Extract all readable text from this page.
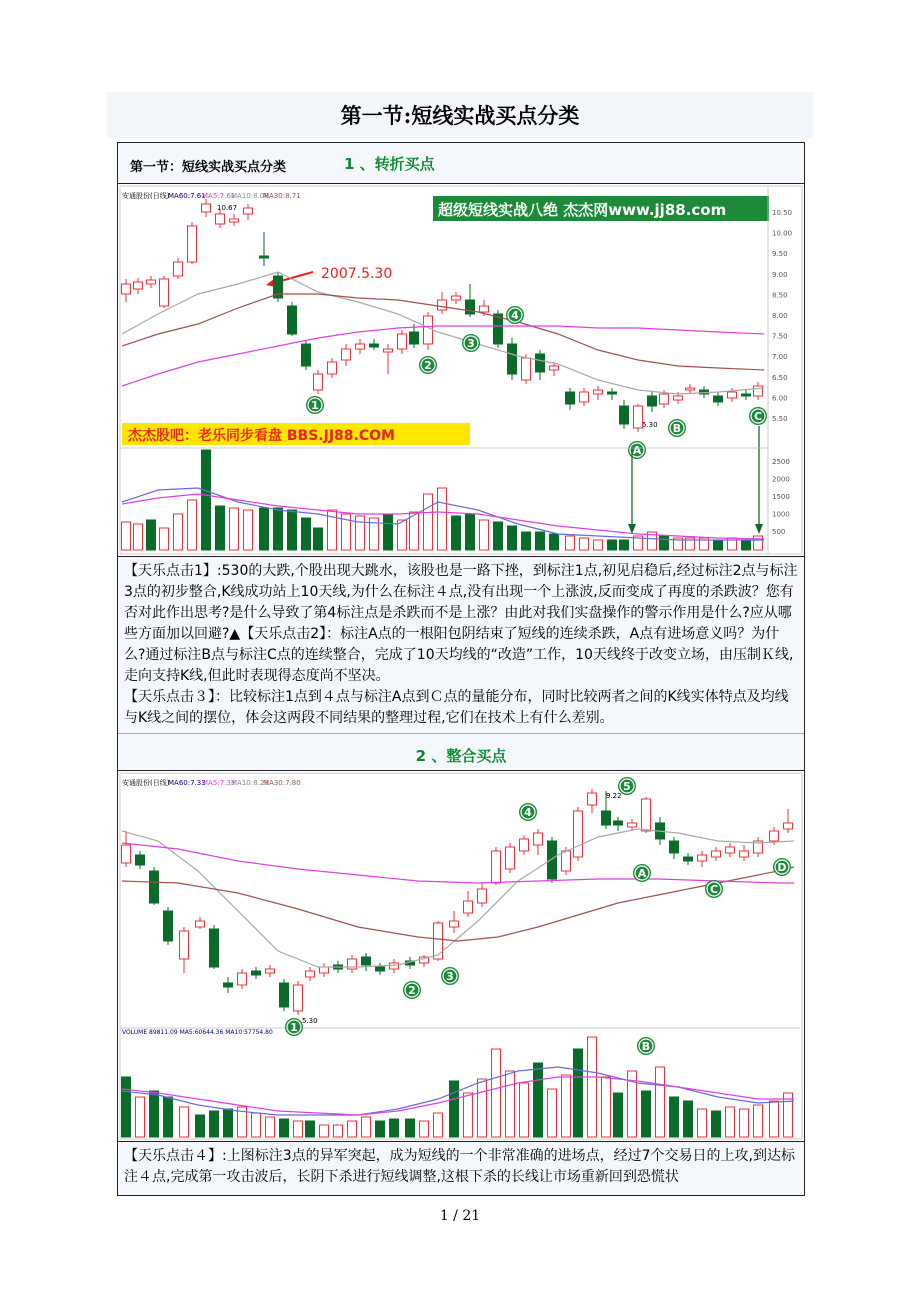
第一节:短线实战买点分类
第一节：短线实战买点分类	1 、转折买点
安通股份(日线)
MA60:7.61
MA5:7.61
MA10:8.08
MA30:8.71
超级短线实战八绝 杰杰网www.jj88.com
2007.5.30
10.67
5.30
杰杰股吧：老乐同步看盘 BBS.JJ88.COM
10.50
10.00
9.50
9.00
8.50
8.00
7.50
7.00
6.50
6.00
5.50
2500
2000
1500
1000
500
1
2
3
4
A
B
C
【天乐点击1】:530的大跌,个股出现大跳水，该股也是一路下挫，到标注1点,初见启稳后,经过标注2点与标注3点的初步整合,K线成功站上10天线,为什么在标注４点,没有出现一个上涨波,反而变成了再度的杀跌波？您有否对此作出思考?是什么导致了第4标注点是杀跌而不是上涨？由此对我们实盘操作的警示作用是什么?应从哪些方面加以回避?▲【天乐点击2】：标注A点的一根阳包阴结束了短线的连续杀跌，A点有进场意义吗？为什么?通过标注B点与标注C点的连续整合，完成了10天均线的“改造”工作，10天线终于改变立场，由压制Ｋ线,走向支持K线,但此时表现得态度尚不坚决。
【天乐点击３】：比较标注1点到４点与标注A点到Ｃ点的量能分布，同时比较两者之间的K线实体特点及均线与K线之间的摆位，体会这两段不同结果的整理过程,它们在技术上有什么差别。
2 、整合买点
安通股份(日线)
MA60:7.33
MA5:7.33
MA10:8.23
MA30:7.80
9.22
5.30
VOLUME 89811.09 MA5:60644.36 MA10:57754.80 1
2
3
4
5
A
B
C
D
【天乐点击４】:上图标注3点的异军突起，成为短线的一个非常准确的进场点，经过7个交易日的上攻,到达标注４点,完成第一攻击波后，长阴下杀进行短线调整,这根下杀的长线让市场重新回到恐慌状
1 / 21
